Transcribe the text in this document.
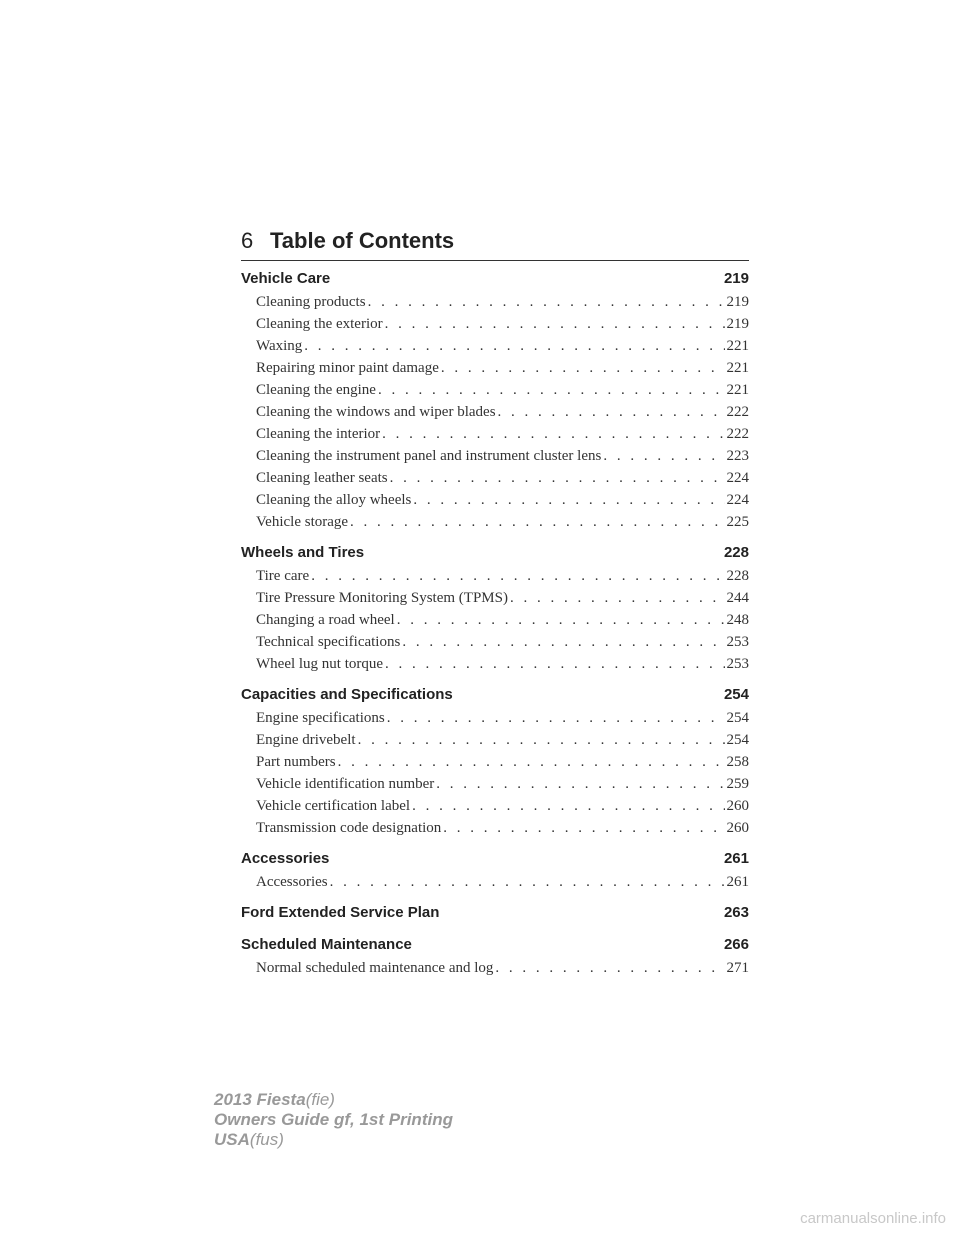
6 Table of Contents
Vehicle Care	219
Cleaning products . . .	219
Cleaning the exterior . . .	219
Waxing . . .	221
Repairing minor paint damage . . .	221
Cleaning the engine . . .	221
Cleaning the windows and wiper blades . . .	222
Cleaning the interior . . .	222
Cleaning the instrument panel and instrument cluster lens . . .	223
Cleaning leather seats . . .	224
Cleaning the alloy wheels . . .	224
Vehicle storage . . .	225
Wheels and Tires	228
Tire care . . .	228
Tire Pressure Monitoring System (TPMS) . . .	244
Changing a road wheel . . .	248
Technical specifications . . .	253
Wheel lug nut torque . . .	253
Capacities and Specifications	254
Engine specifications . . .	254
Engine drivebelt . . .	254
Part numbers . . .	258
Vehicle identification number . . .	259
Vehicle certification label . . .	260
Transmission code designation . . .	260
Accessories	261
Accessories . . .	261
Ford Extended Service Plan	263
Scheduled Maintenance	266
Normal scheduled maintenance and log . . .	271
2013 Fiesta(fie)
Owners Guide gf, 1st Printing
USA(fus)
carmanualsonline.info
